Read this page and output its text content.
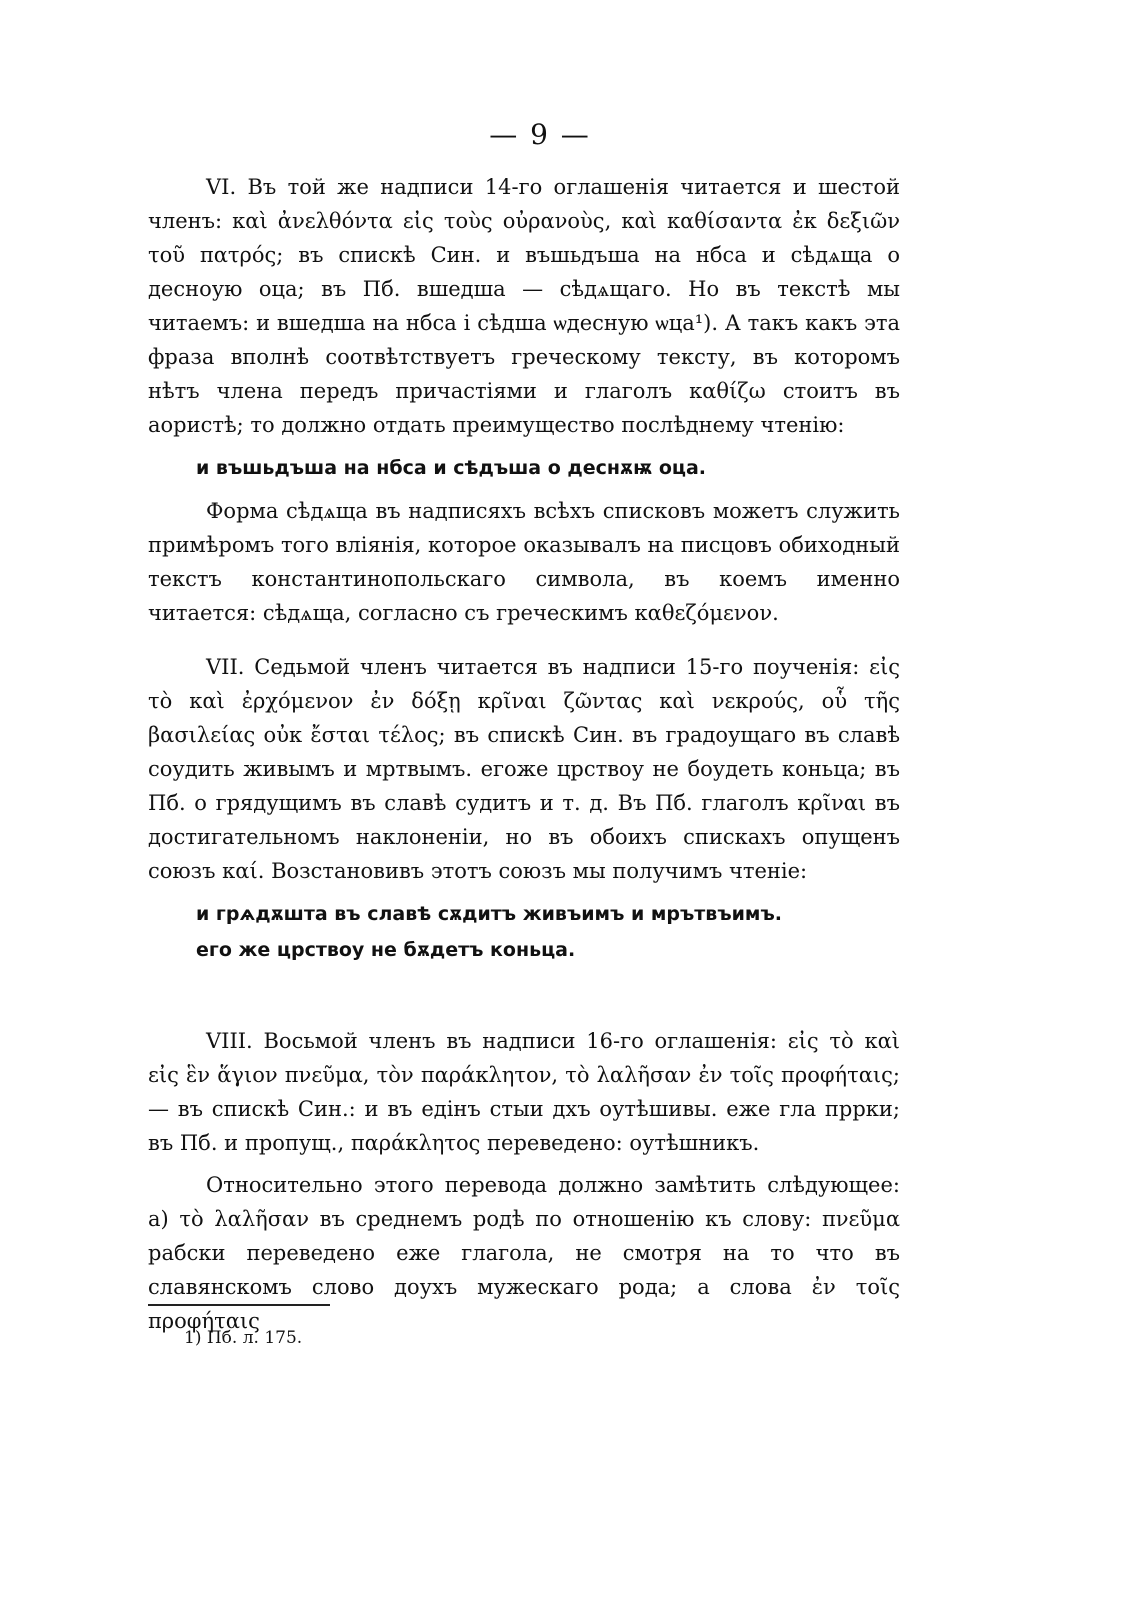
— 9 —

VI. Въ той же надписи 14-го оглашенія читается и шестой членъ: καὶ ἀνελθόντα εἰς τοὺς οὐρανοὺς, καὶ καθίσαντα ἐκ δεξιῶν τοῦ πατρός; въ спискѣ Син. и въшьдъша на нбса и сѣдѧща о десноую оца; въ Пб. вшедша — сѣдѧщаго. Но въ текстѣ мы читаемъ: и вшедша на нбса і сѣдша ѡдесную ѡца¹). А такъ какъ эта фраза вполнѣ соотвѣтствуетъ греческому тексту, въ которомъ нѣтъ члена передъ причастіями и глаголъ καθίζω стоитъ въ аористѣ; то должно отдать преимущество послѣднему чтенію:

и въшьдъша на нбса и сѣдъша о деснѫѭ оца.

Форма сѣдѧща въ надписяхъ всѣхъ списковъ можетъ служить примѣромъ того вліянія, которое оказывалъ на писцовъ обиходный текстъ константинопольскаго символа, въ коемъ именно читается: сѣдѧща, согласно съ греческимъ καθεζόμενον.

VII. Седьмой членъ читается въ надписи 15-го поученія: εἰς τὸ καὶ ἐρχόμενον ἐν δόξῃ κρῖναι ζῶντας καὶ νεκρούς, οὗ τῆς βασιλείας οὐκ ἔσται τέλος; въ спискѣ Син. въ градоущаго въ славѣ соудить живымъ и мртвымъ. егоже црствоу не боудеть коньца; въ Пб. о грядущимъ въ славѣ судитъ и т. д. Въ Пб. глаголъ κρῖναι въ достигательномъ наклоненіи, но въ обоихъ спискахъ опущенъ союзъ καί. Возстановивъ этотъ союзъ мы получимъ чтеніе:

и грѧдѫшта въ славѣ сѫдитъ живъимъ и мрътвъимъ.

его же црствоу не бѫдетъ коньца.

VIII. Восьмой членъ въ надписи 16-го оглашенія: εἰς τὸ καὶ εἰς ἓν ἅγιον πνεῦμα, τὸν παράκλητον, τὸ λαλῆσαν ἐν τοῖς προφήταις; — въ спискѣ Син.: и въ едінъ стыи дхъ оутѣшивы. еже гла пррки; въ Пб. и пропущ., παράκλητος переведено: оутѣшникъ.

Относительно этого перевода должно замѣтить слѣдующее: а) τὸ λαλῆσαν въ среднемъ родѣ по отношенію къ слову: πνεῦμα рабски переведено еже глагола, не смотря на то что въ славянскомъ слово доухъ мужескаго рода; а слова ἐν τοῖς προφήταις

1) Пб. л. 175.
